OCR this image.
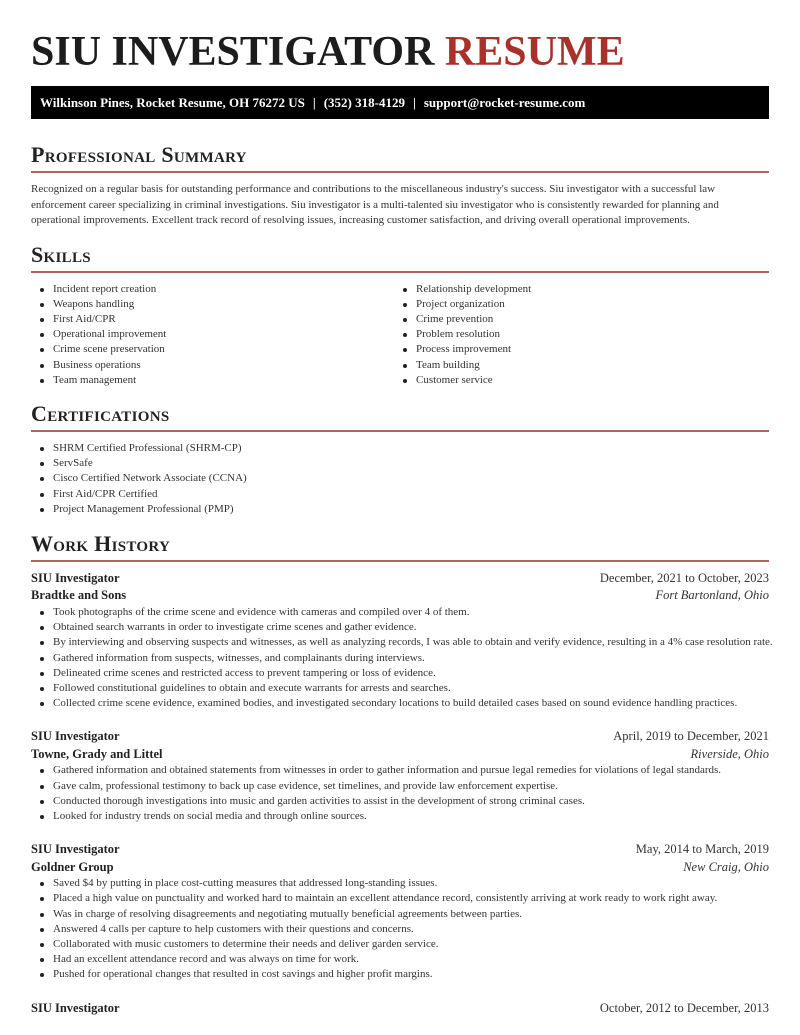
SIU INVESTIGATOR RESUME
Wilkinson Pines, Rocket Resume, OH 76272 US | (352) 318-4129 | support@rocket-resume.com
Professional Summary

Recognized on a regular basis for outstanding performance and contributions to the miscellaneous industry's success. Siu investigator with a successful law enforcement career specializing in criminal investigations. Siu investigator is a multi-talented siu investigator who is consistently rewarded for planning and operational improvements. Excellent track record of resolving issues, increasing customer satisfaction, and driving overall operational improvements.

Skills
Incident report creation
Weapons handling
First Aid/CPR
Operational improvement
Crime scene preservation
Business operations
Team management
Relationship development
Project organization
Crime prevention
Problem resolution
Process improvement
Team building
Customer service
Certifications
SHRM Certified Professional (SHRM-CP)
ServSafe
Cisco Certified Network Associate (CCNA)
First Aid/CPR Certified
Project Management Professional (PMP)
Work History
SIU Investigator	December, 2021 to October, 2023
Bradtke and Sons	Fort Bartonland, Ohio
Took photographs of the crime scene and evidence with cameras and compiled over 4 of them.
Obtained search warrants in order to investigate crime scenes and gather evidence.
By interviewing and observing suspects and witnesses, as well as analyzing records, I was able to obtain and verify evidence, resulting in a 4% case resolution rate.
Gathered information from suspects, witnesses, and complainants during interviews.
Delineated crime scenes and restricted access to prevent tampering or loss of evidence.
Followed constitutional guidelines to obtain and execute warrants for arrests and searches.
Collected crime scene evidence, examined bodies, and investigated secondary locations to build detailed cases based on sound evidence handling practices.
SIU Investigator	April, 2019 to December, 2021
Towne, Grady and Littel	Riverside, Ohio
Gathered information and obtained statements from witnesses in order to gather information and pursue legal remedies for violations of legal standards.
Gave calm, professional testimony to back up case evidence, set timelines, and provide law enforcement expertise.
Conducted thorough investigations into music and garden activities to assist in the development of strong criminal cases.
Looked for industry trends on social media and through online sources.
SIU Investigator	May, 2014 to March, 2019
Goldner Group	New Craig, Ohio
Saved $4 by putting in place cost-cutting measures that addressed long-standing issues.
Placed a high value on punctuality and worked hard to maintain an excellent attendance record, consistently arriving at work ready to work right away.
Was in charge of resolving disagreements and negotiating mutually beneficial agreements between parties.
Answered 4 calls per capture to help customers with their questions and concerns.
Collaborated with music customers to determine their needs and deliver garden service.
Had an excellent attendance record and was always on time for work.
Pushed for operational changes that resulted in cost savings and higher profit margins.
SIU Investigator	October, 2012 to December, 2013
